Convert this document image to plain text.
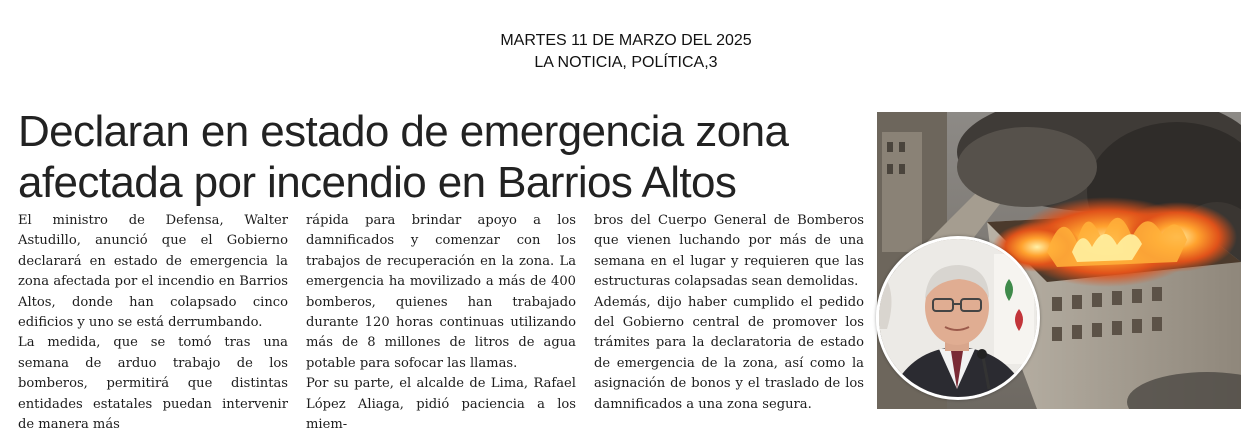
MARTES 11 DE MARZO DEL 2025
LA NOTICIA, POLÍTICA,3
Declaran en estado de emergencia zona
afectada por incendio en Barrios Altos

El ministro de Defensa, Walter Astudillo, anunció que el Gobierno declarará en estado de emergencia la zona afectada por el incendio en Barrios Altos, donde han colapsado cinco edificios y uno se está derrumbando.

La medida, que se tomó tras una semana de arduo trabajo de los bomberos, permitirá que distintas entidades estatales puedan intervenir de manera más

rápida para brindar apoyo a los damnificados y comenzar con los trabajos de recuperación en la zona. La emergencia ha movilizado a más de 400 bomberos, quienes han trabajado durante 120 horas continuas utilizando más de 8 millones de litros de agua potable para sofocar las llamas.

Por su parte, el alcalde de Lima, Rafael López Aliaga, pidió paciencia a los miem-

bros del Cuerpo General de Bomberos que vienen luchando por más de una semana en el lugar y requieren que las estructuras colapsadas sean demolidas.

Además, dijo haber cumplido el pedido del Gobierno central de promover los trámites para la declaratoria de estado de emergencia de la zona, así como la asignación de bonos y el traslado de los damnificados a una zona segura.
